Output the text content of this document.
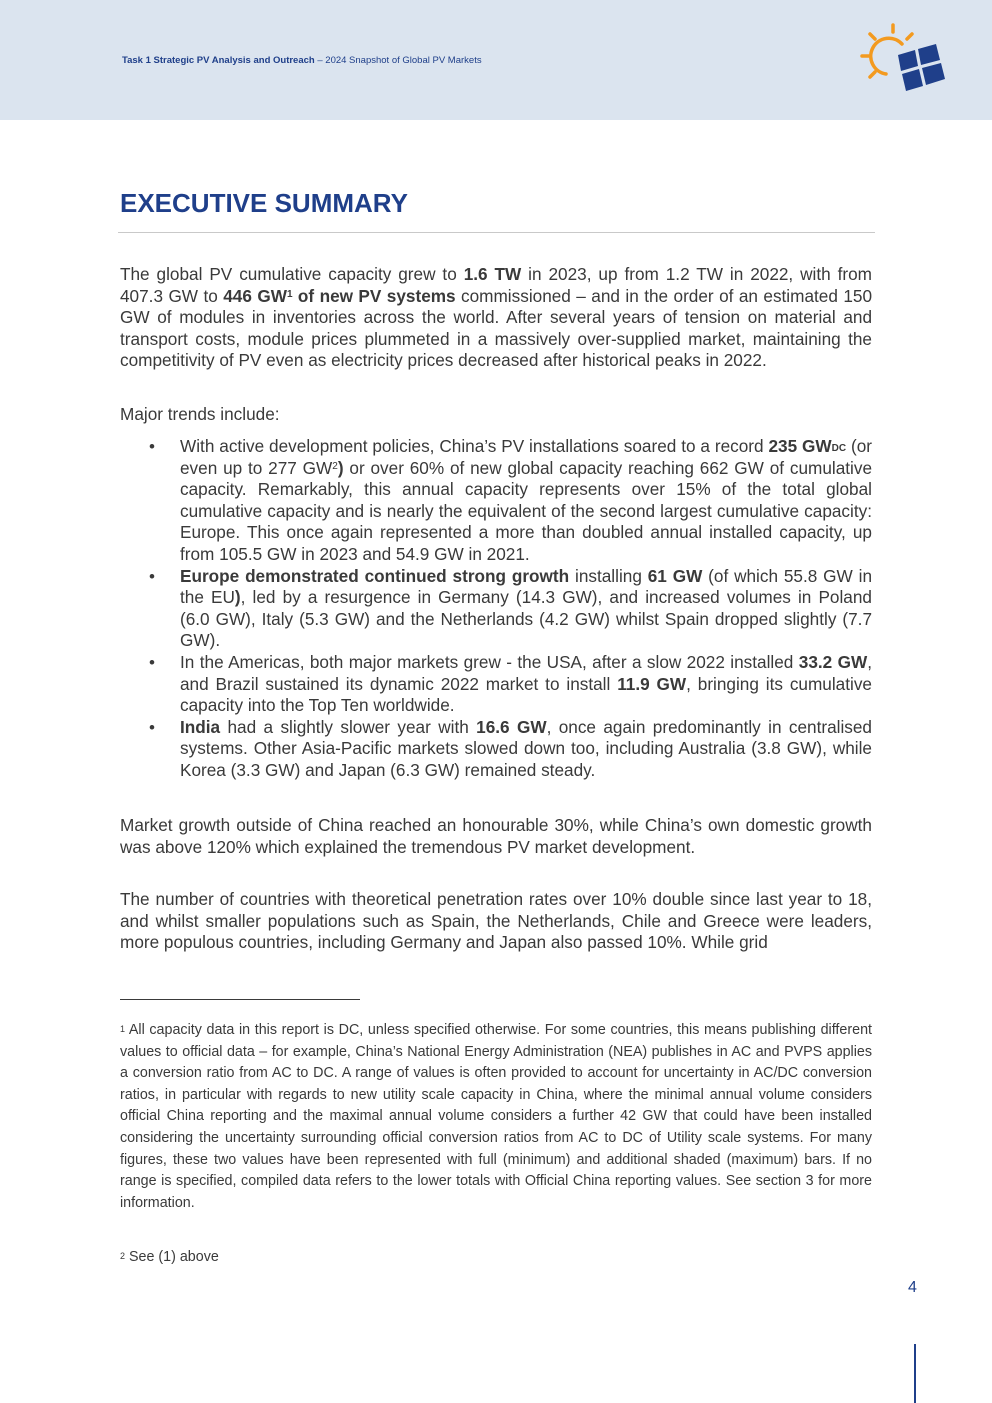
Task 1 Strategic PV Analysis and Outreach – 2024 Snapshot of Global PV Markets
EXECUTIVE SUMMARY
The global PV cumulative capacity grew to 1.6 TW in 2023, up from 1.2 TW in 2022, with from 407.3 GW to 446 $GW^1$ of new PV systems commissioned – and in the order of an estimated 150 GW of modules in inventories across the world. After several years of tension on material and transport costs, module prices plummeted in a massively over-supplied market, maintaining the competitivity of PV even as electricity prices decreased after historical peaks in 2022.
Major trends include:
• With active development policies, China’s PV installations soared to a record 235 $GW_{DC}$ (or even up to 277 $GW^2$) or over 60% of new global capacity reaching 662 GW of cumulative capacity. Remarkably, this annual capacity represents over 15% of the total global cumulative capacity and is nearly the equivalent of the second largest cumulative capacity: Europe. This once again represented a more than doubled annual installed capacity, up from 105.5 GW in 2023 and 54.9 GW in 2021.
• Europe demonstrated continued strong growth installing 61 GW (of which 55.8 GW in the EU), led by a resurgence in Germany (14.3 GW), and increased volumes in Poland (6.0 GW), Italy (5.3 GW) and the Netherlands (4.2 GW) whilst Spain dropped slightly (7.7 GW).
• In the Americas, both major markets grew - the USA, after a slow 2022 installed 33.2 GW, and Brazil sustained its dynamic 2022 market to install 11.9 GW, bringing its cumulative capacity into the Top Ten worldwide.
• India had a slightly slower year with 16.6 GW, once again predominantly in centralised systems. Other Asia-Pacific markets slowed down too, including Australia (3.8 GW), while Korea (3.3 GW) and Japan (6.3 GW) remained steady.
Market growth outside of China reached an honourable 30%, while China’s own domestic growth was above 120% which explained the tremendous PV market development.
The number of countries with theoretical penetration rates over 10% double since last year to 18, and whilst smaller populations such as Spain, the Netherlands, Chile and Greece were leaders, more populous countries, including Germany and Japan also passed 10%. While grid
$^1$ All capacity data in this report is DC, unless specified otherwise. For some countries, this means publishing different values to official data – for example, China’s National Energy Administration (NEA) publishes in AC and PVPS applies a conversion ratio from AC to DC. A range of values is often provided to account for uncertainty in AC/DC conversion ratios, in particular with regards to new utility scale capacity in China, where the minimal annual volume considers official China reporting and the maximal annual volume considers a further 42 GW that could have been installed considering the uncertainty surrounding official conversion ratios from AC to DC of Utility scale systems. For many figures, these two values have been represented with full (minimum) and additional shaded (maximum) bars. If no range is specified, compiled data refers to the lower totals with Official China reporting values. See section 3 for more information.
$^2$ See (1) above
4
